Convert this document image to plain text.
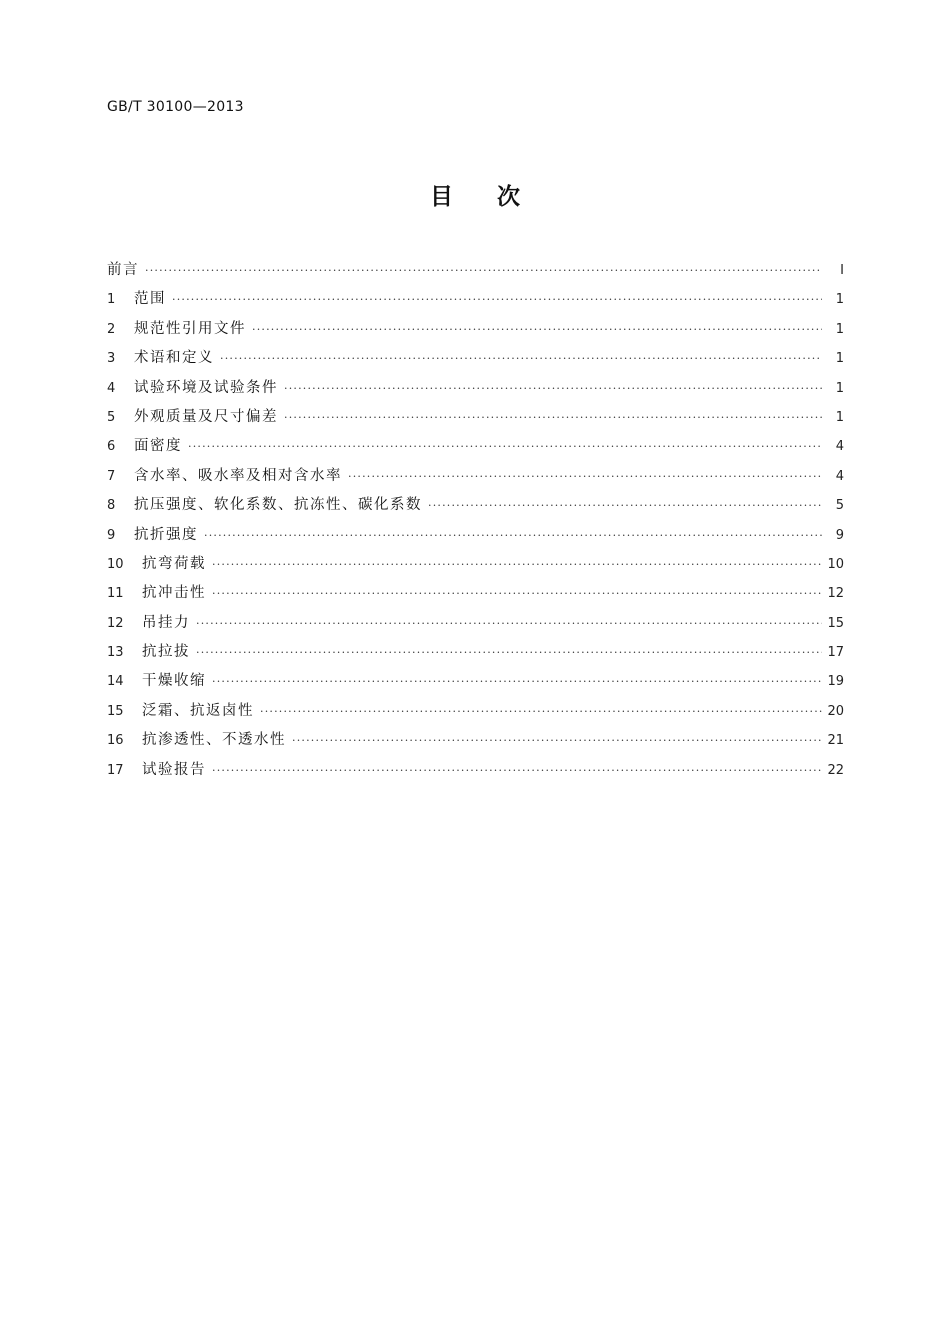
GB/T 30100—2013
目 次
前言 ·····	Ⅰ
1	范围 ·····	1
2	规范性引用文件 ·····	1
3	术语和定义 ·····	1
4	试验环境及试验条件 ·····	1
5	外观质量及尺寸偏差 ·····	1
6	面密度 ·····	4
7	含水率、吸水率及相对含水率 ·····	4
8	抗压强度、软化系数、抗冻性、碳化系数 ·····	5
9	抗折强度 ·····	9
10	抗弯荷载 ·····	10
11	抗冲击性 ·····	12
12	吊挂力 ·····	15
13	抗拉拔 ·····	17
14	干燥收缩 ·····	19
15	泛霜、抗返卤性 ·····	20
16	抗渗透性、不透水性 ·····	21
17	试验报告 ·····	22
